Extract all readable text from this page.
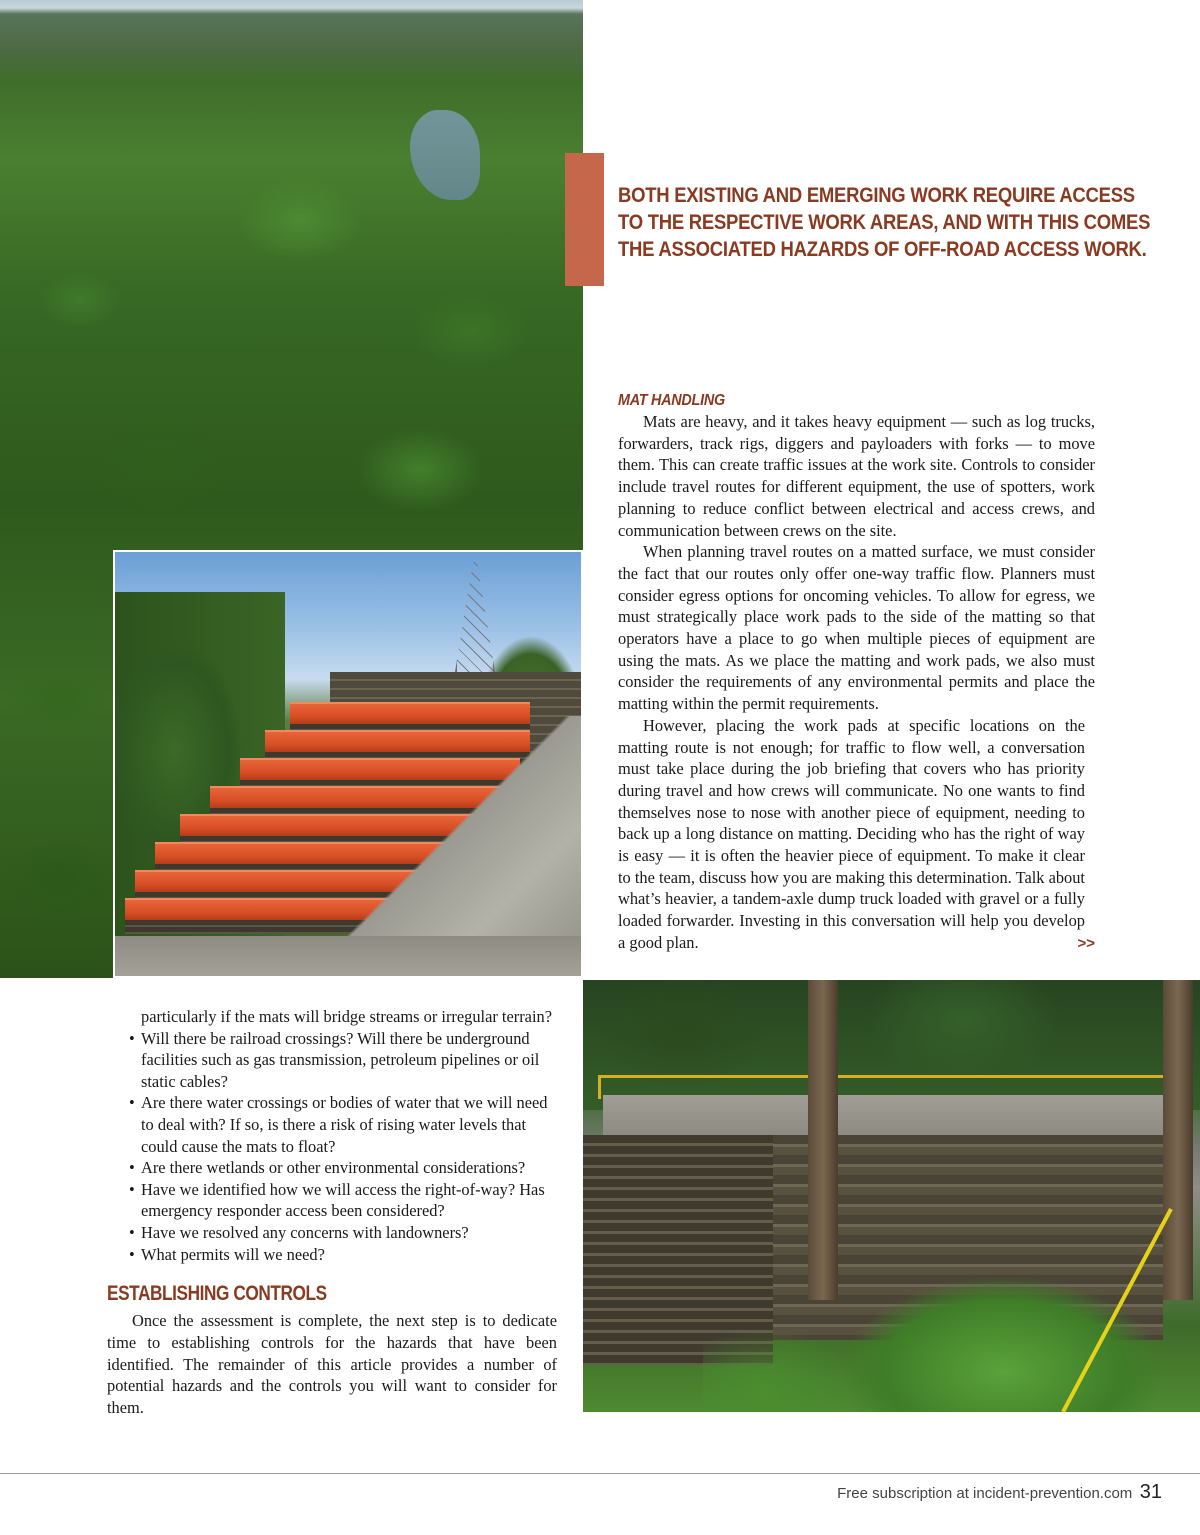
BOTH EXISTING AND EMERGING WORK REQUIRE ACCESS
TO THE RESPECTIVE WORK AREAS, AND WITH THIS COMES
THE ASSOCIATED HAZARDS OF OFF-ROAD ACCESS WORK.
MAT HANDLING

Mats are heavy, and it takes heavy equipment — such as log trucks, forwarders, track rigs, diggers and payloaders with forks — to move them. This can create traffic issues at the work site. Controls to consider include travel routes for different equipment, the use of spotters, work planning to reduce conflict between electrical and access crews, and communication between crews on the site.

When planning travel routes on a matted surface, we must consider the fact that our routes only offer one-way traffic flow. Planners must consider egress options for oncoming vehicles. To allow for egress, we must strategically place work pads to the side of the matting so that operators have a place to go when multiple pieces of equipment are using the mats. As we place the matting and work pads, we also must consider the requirements of any environmental permits and place the matting within the permit requirements.

However, placing the work pads at specific locations on the matting route is not enough; for traffic to flow well, a conversation must take place during the job briefing that covers who has priority during travel and how crews will communicate. No one wants to find themselves nose to nose with another piece of equipment, needing to back up a long distance on matting. Deciding who has the right of way is easy — it is often the heavier piece of equipment. To make it clear to the team, discuss how you are making this determination. Talk about what’s heavier, a tandem-axle dump truck loaded with gravel or a fully loaded forwarder. Investing in this conversation will help you develop a good plan.	>>
particularly if the mats will bridge streams or irregular terrain?
• Will there be railroad crossings? Will there be underground facilities such as gas transmission, petroleum pipelines or oil static cables?
• Are there water crossings or bodies of water that we will need to deal with? If so, is there a risk of rising water levels that could cause the mats to float?
• Are there wetlands or other environmental considerations?
• Have we identified how we will access the right-of-way? Has emergency responder access been considered?
• Have we resolved any concerns with landowners?
• What permits will we need?
ESTABLISHING CONTROLS

Once the assessment is complete, the next step is to dedicate time to establishing controls for the hazards that have been identified. The remainder of this article provides a number of potential hazards and the controls you will want to consider for them.

Free subscription at incident-prevention.com 31
